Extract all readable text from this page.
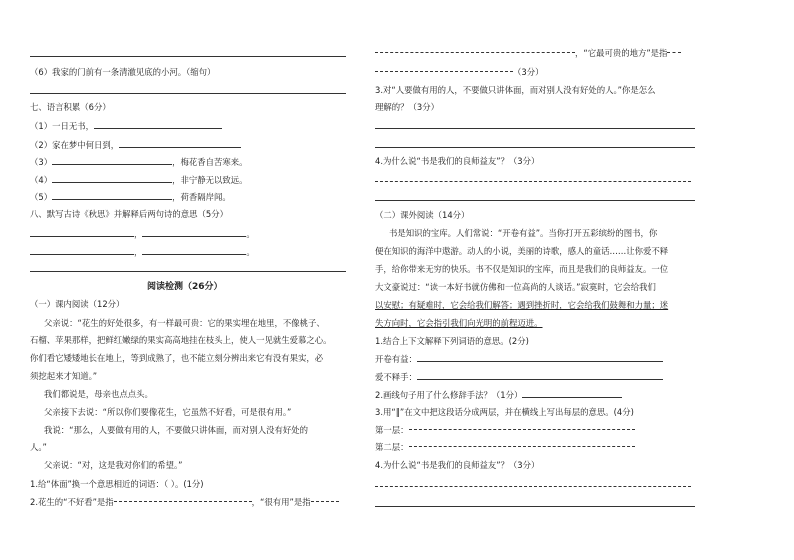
（6）我家的门前有一条清澈见底的小河。（缩句）
七、语言积累（6分）
（1）一日无书，
（2）家在梦中何日到，
（3）	，梅花香自苦寒来。
（4）	，非宁静无以致远。
（5）	，荷香隔岸闻。
八、默写古诗《秋思》并解释后两句诗的意思（5分）
，	。
，	。
阅读检测（26分）
（一）课内阅读（12分）
父亲说：“花生的好处很多，有一样最可贵：它的果实埋在地里，不像桃子、
石榴、苹果那样，把鲜红嫩绿的果实高高地挂在枝头上，使人一见就生爱慕之心。
你们看它矮矮地长在地上，等到成熟了，也不能立刻分辨出来它有没有果实，必
须挖起来才知道。”
我们都说是，母亲也点点头。
父亲接下去说：“所以你们要像花生，它虽然不好看，可是很有用。”
我说：“那么，人要做有用的人，不要做只讲体面，而对别人没有好处的
人。”
父亲说：“对，这是我对你们的希望。”
1.给“体面”换一个意思相近的词语：（ ）。(1分)
2.花生的“不好看”是指	，“很有用”是指
，“它最可贵的地方”是指
（3分）
3.对“人要做有用的人，不要做只讲体面，而对别人没有好处的人。”你是怎么
理解的？（3分）
4.为什么说“书是我们的良师益友”？（3分）
（二）课外阅读（14分）
书是知识的宝库。人们常说：“开卷有益”。当你打开五彩缤纷的图书，你
便在知识的海洋中遨游。动人的小说，美丽的诗歌，感人的童话……让你爱不释
手，给你带来无穷的快乐。书不仅是知识的宝库，而且是我们的良师益友。一位
大文豪说过：“读一本好书就仿佛和一位高尚的人谈话。”寂寞时，它会给我们
以安慰；有疑难时，它会给我们解答；遇到挫折时，它会给我们鼓舞和力量；迷
失方向时，它会指引我们向光明的前程迈进。
1.结合上下文解释下列词语的意思。(2分)
开卷有益：
爱不释手：
2.画线句子用了什么修辞手法？（1分）
3.用“‖”在文中把这段话分成两层，并在横线上写出每层的意思。(4分)
第一层：
第二层：
4.为什么说“书是我们的良师益友”？（3分）
